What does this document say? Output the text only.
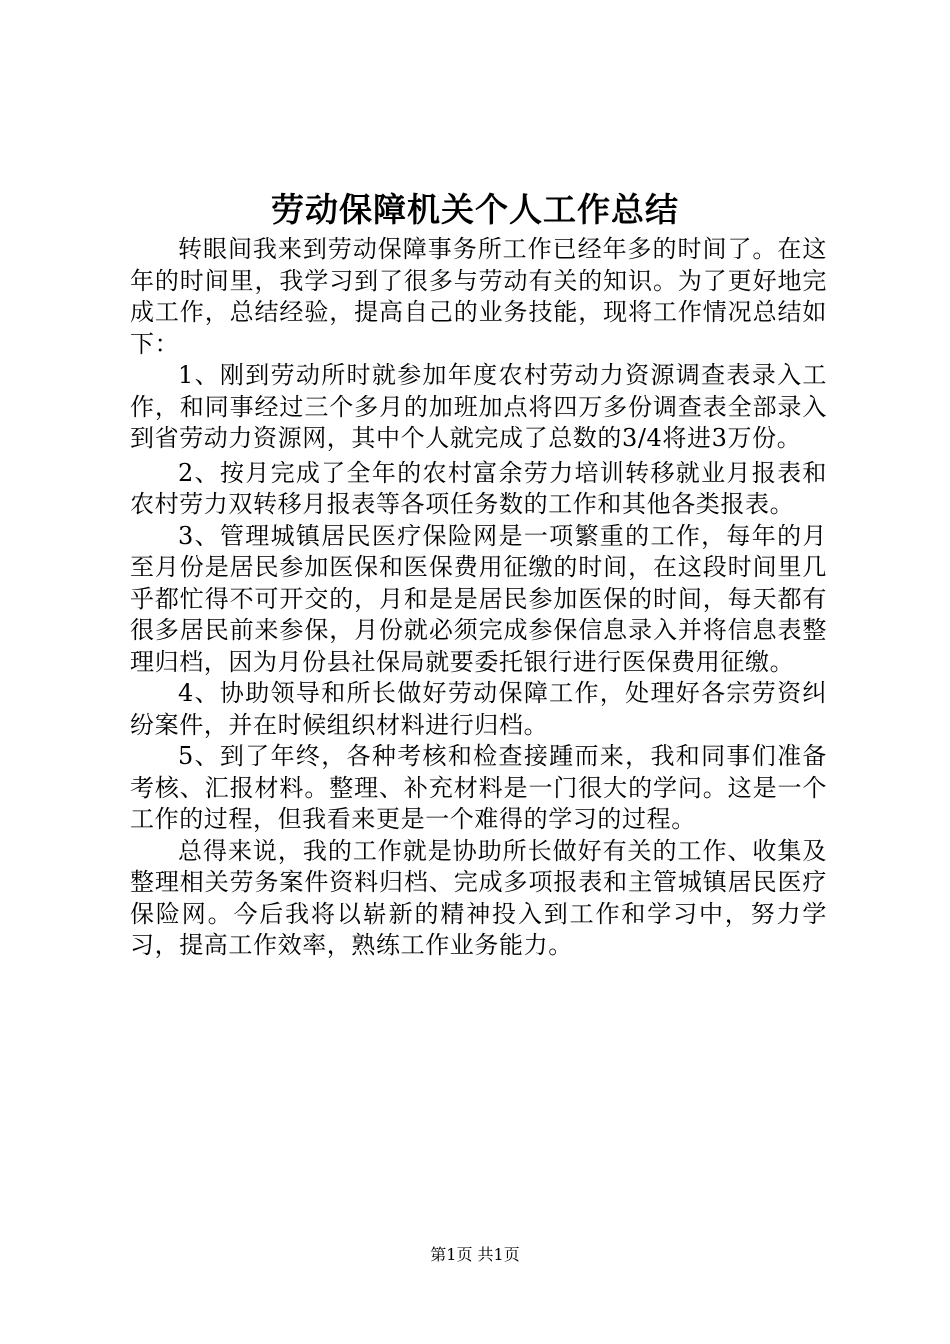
劳动保障机关个人工作总结

转眼间我来到劳动保障事务所工作已经年多的时间了。在这年的时间里，我学习到了很多与劳动有关的知识。为了更好地完成工作，总结经验，提高自己的业务技能，现将工作情况总结如下：

1、刚到劳动所时就参加年度农村劳动力资源调查表录入工作，和同事经过三个多月的加班加点将四万多份调查表全部录入到省劳动力资源网，其中个人就完成了总数的3/4将进3万份。

2、按月完成了全年的农村富余劳力培训转移就业月报表和农村劳力双转移月报表等各项任务数的工作和其他各类报表。

3、管理城镇居民医疗保险网是一项繁重的工作，每年的月至月份是居民参加医保和医保费用征缴的时间，在这段时间里几乎都忙得不可开交的，月和是是居民参加医保的时间，每天都有很多居民前来参保，月份就必须完成参保信息录入并将信息表整理归档，因为月份县社保局就要委托银行进行医保费用征缴。

4、协助领导和所长做好劳动保障工作，处理好各宗劳资纠纷案件，并在时候组织材料进行归档。

5、到了年终，各种考核和检查接踵而来，我和同事们准备考核、汇报材料。整理、补充材料是一门很大的学问。这是一个工作的过程，但我看来更是一个难得的学习的过程。

总得来说，我的工作就是协助所长做好有关的工作、收集及整理相关劳务案件资料归档、完成多项报表和主管城镇居民医疗保险网。今后我将以崭新的精神投入到工作和学习中，努力学习，提高工作效率，熟练工作业务能力。

第1页 共1页
